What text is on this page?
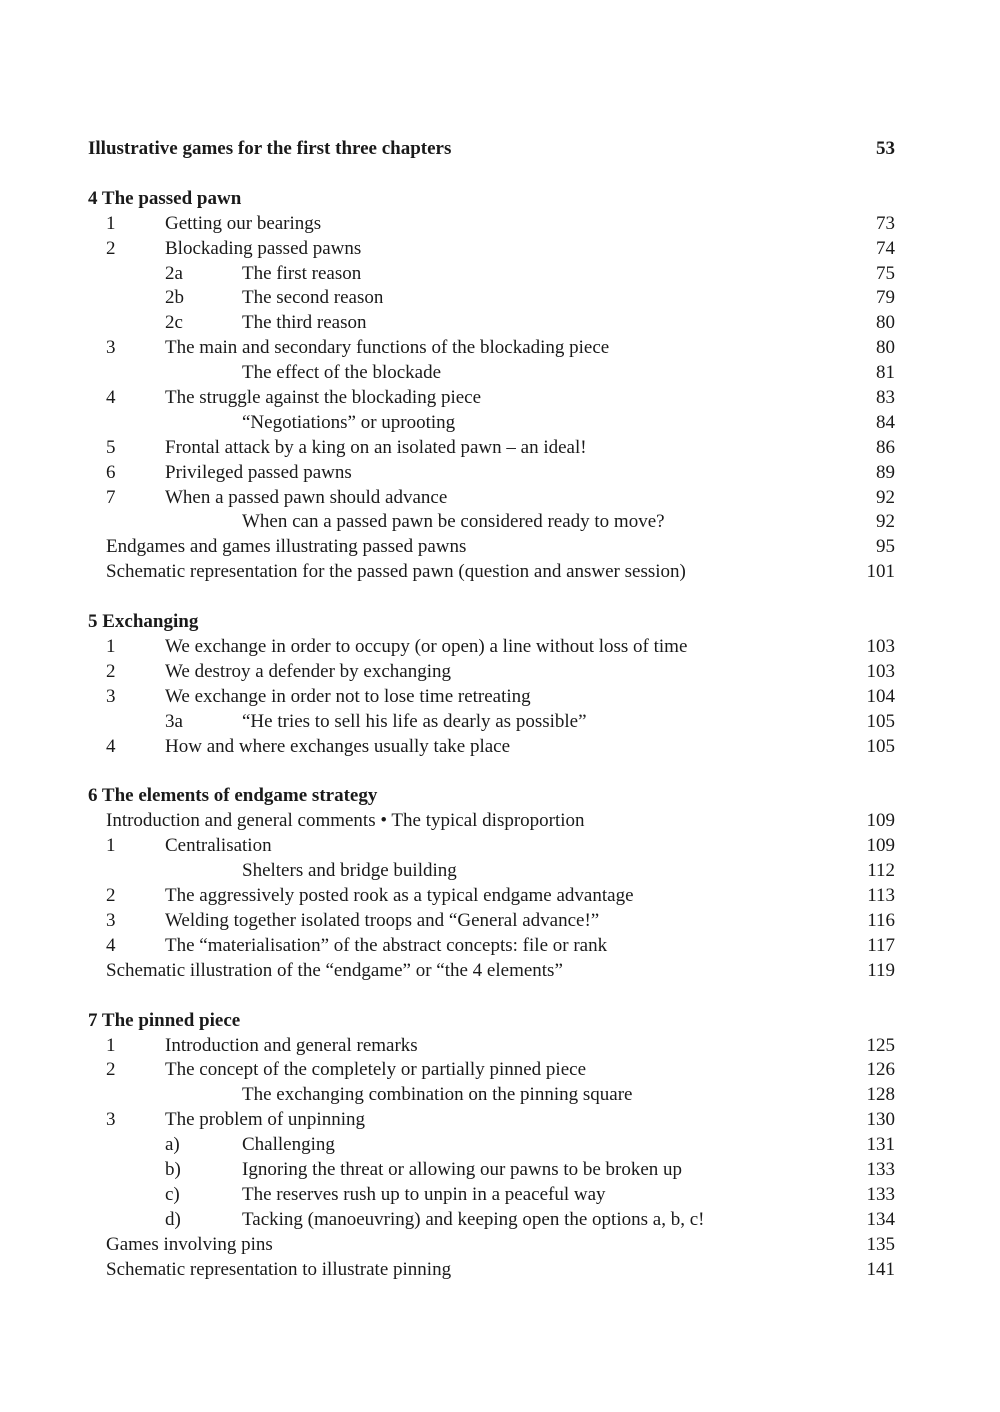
Illustrative games for the first three chapters	53
4 The passed pawn
1	Getting our bearings	73
2	Blockading passed pawns	74
2a	The first reason	75
2b	The second reason	79
2c	The third reason	80
3	The main and secondary functions of the blockading piece	80
The effect of the blockade	81
4	The struggle against the blockading piece	83
“Negotiations” or uprooting	84
5	Frontal attack by a king on an isolated pawn – an ideal!	86
6	Privileged passed pawns	89
7	When a passed pawn should advance	92
When can a passed pawn be considered ready to move?	92
Endgames and games illustrating passed pawns	95
Schematic representation for the passed pawn (question and answer session)	101
5 Exchanging
1	We exchange in order to occupy (or open) a line without loss of time	103
2	We destroy a defender by exchanging	103
3	We exchange in order not to lose time retreating	104
3a	“He tries to sell his life as dearly as possible”	105
4	How and where exchanges usually take place	105
6 The elements of endgame strategy
Introduction and general comments • The typical disproportion	109
1	Centralisation	109
Shelters and bridge building	112
2	The aggressively posted rook as a typical endgame advantage	113
3	Welding together isolated troops and “General advance!”	116
4	The “materialisation” of the abstract concepts: file or rank	117
Schematic illustration of the “endgame” or “the 4 elements”	119
7 The pinned piece
1	Introduction and general remarks	125
2	The concept of the completely or partially pinned piece	126
The exchanging combination on the pinning square	128
3	The problem of unpinning	130
a)	Challenging	131
b)	Ignoring the threat or allowing our pawns to be broken up	133
c)	The reserves rush up to unpin in a peaceful way	133
d)	Tacking (manoeuvring) and keeping open the options a, b, c!	134
Games involving pins	135
Schematic representation to illustrate pinning	141
